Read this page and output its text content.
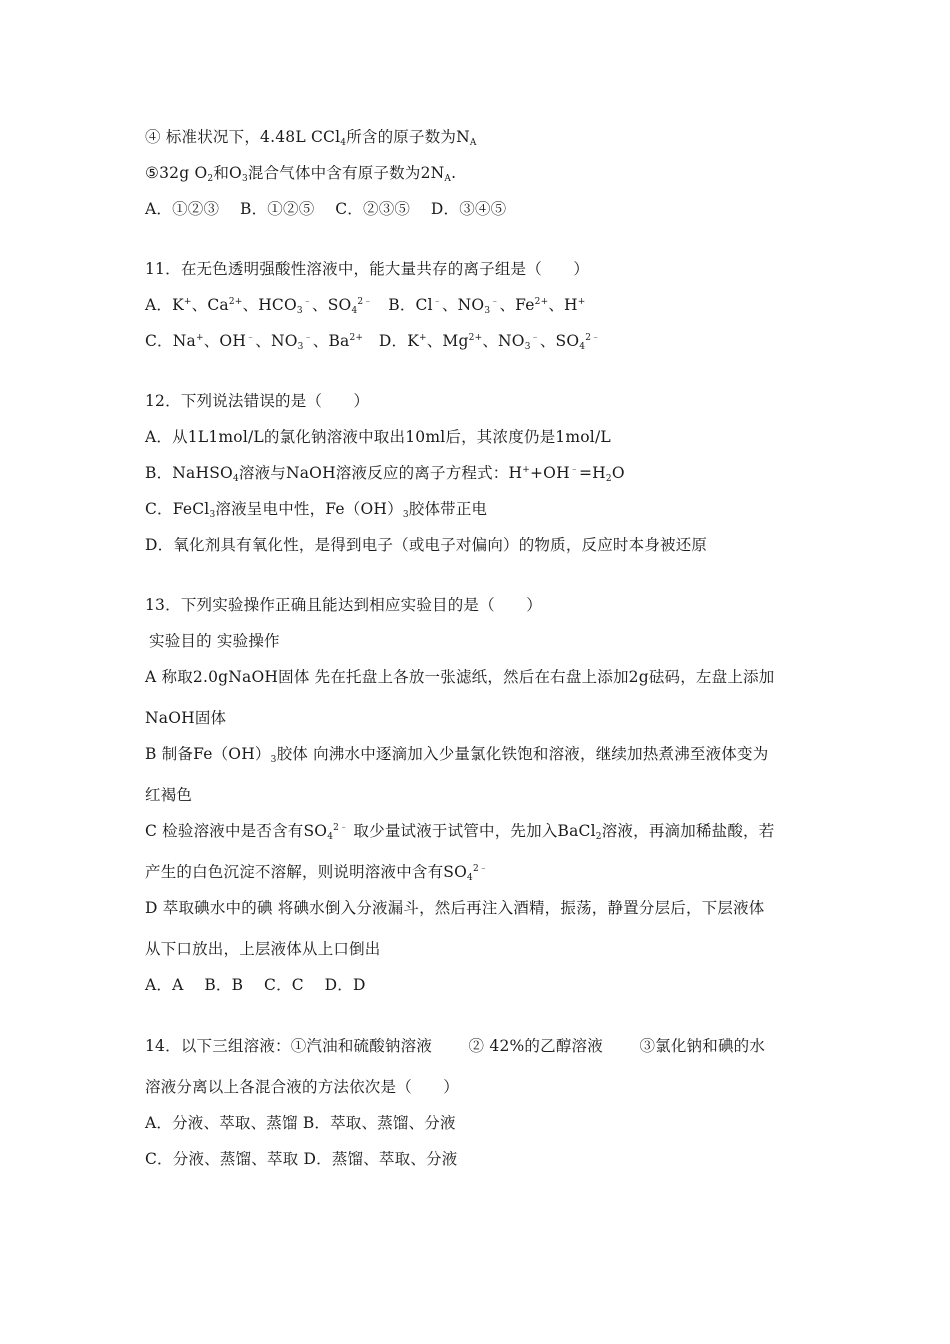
④ 标准状况下，4.48L CCl$_4$所含的原子数为$N_A$
⑤32g $O_2$和$O_3$混合气体中含有原子数为$2N_A$.
A．①②③　 B．①②⑤　 C．②③⑤　 D．③④⑤
11．在无色透明强酸性溶液中，能大量共存的离子组是（　　）
A．K+、$Ca^{2+}$、$HCO_3^﹣$、$SO_4^{2﹣}$　B．Cl﹣、$NO_3^﹣$、$Fe^{2+}$、H+
C．Na+、OH﹣、$NO_3^﹣$、$Ba^{2+}$　D．K+、$Mg^{2+}$、$NO_3^﹣$、$SO_4^{2﹣}$
12．下列说法错误的是（　　）
A．从1L1mol/L的氯化钠溶液中取出10ml后，其浓度仍是1mol/L
B．NaHSO$_4$溶液与NaOH溶液反应的离子方程式：$H^++OH^﹣=H_2O$
C．FeCl$_3$溶液呈电中性，$Fe(OH)_3$胶体带正电
D．氧化剂具有氧化性，是得到电子（或电子对偏向）的物质，反应时本身被还原
13．下列实验操作正确且能达到相应实验目的是（　　）
实验目的 实验操作
A 称取2.0gNaOH固体 先在托盘上各放一张滤纸，然后在右盘上添加2g砝码，左盘上添加
NaOH固体
B 制备$Fe(OH)_3$胶体 向沸水中逐滴加入少量氯化铁饱和溶液，继续加热煮沸至液体变为
红褐色
C 检验溶液中是否含有$SO_4^{2﹣}$ 取少量试液于试管中，先加入BaCl$_2$溶液，再滴加稀盐酸，若
产生的白色沉淀不溶解，则说明溶液中含有$SO_4^{2﹣}$
D 萃取碘水中的碘 将碘水倒入分液漏斗，然后再注入酒精，振荡，静置分层后，下层液体
从下口放出，上层液体从上口倒出
A．A　 B．B　 C．C　 D．D
14．以下三组溶液：①汽油和硫酸钠溶液　　 ② 42%的乙醇溶液　　 ③氯化钠和碘的水
溶液分离以上各混合液的方法依次是（　　）
A．分液、萃取、蒸馏 B．萃取、蒸馏、分液
C．分液、蒸馏、萃取 D．蒸馏、萃取、分液
